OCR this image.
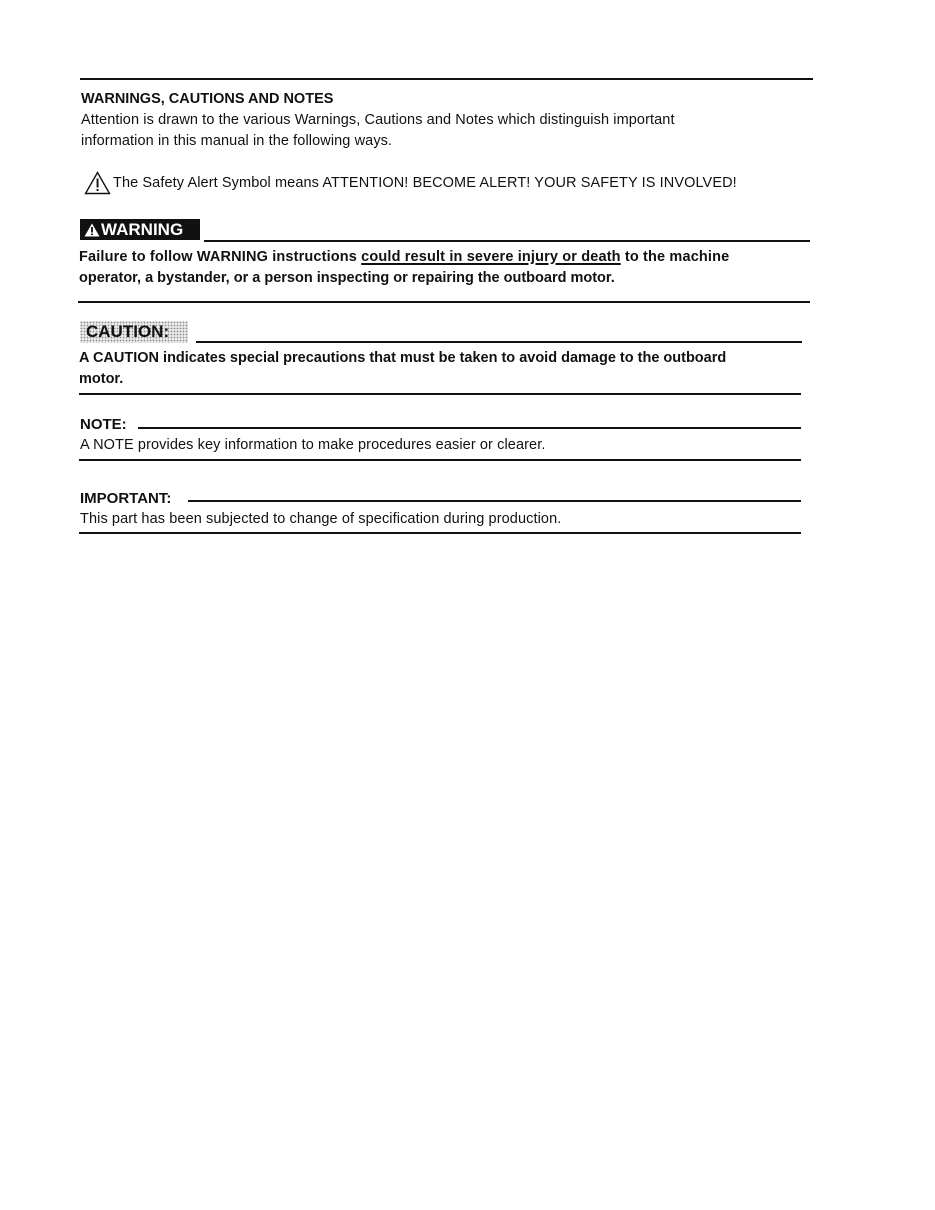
WARNINGS, CAUTIONS AND NOTES

Attention is drawn to the various Warnings, Cautions and Notes which distinguish important

information in this manual in the following ways.

The Safety Alert Symbol means ATTENTION! BECOME ALERT! YOUR SAFETY IS INVOLVED!

WARNING

Failure to follow WARNING instructions could result in severe injury or death to the machine

operator, a bystander, or a person inspecting or repairing the outboard motor.

CAUTION:

A CAUTION indicates special precautions that must be taken to avoid damage to the outboard

motor.

NOTE:

A NOTE provides key information to make procedures easier or clearer.

IMPORTANT:

This part has been subjected to change of specification during production.
